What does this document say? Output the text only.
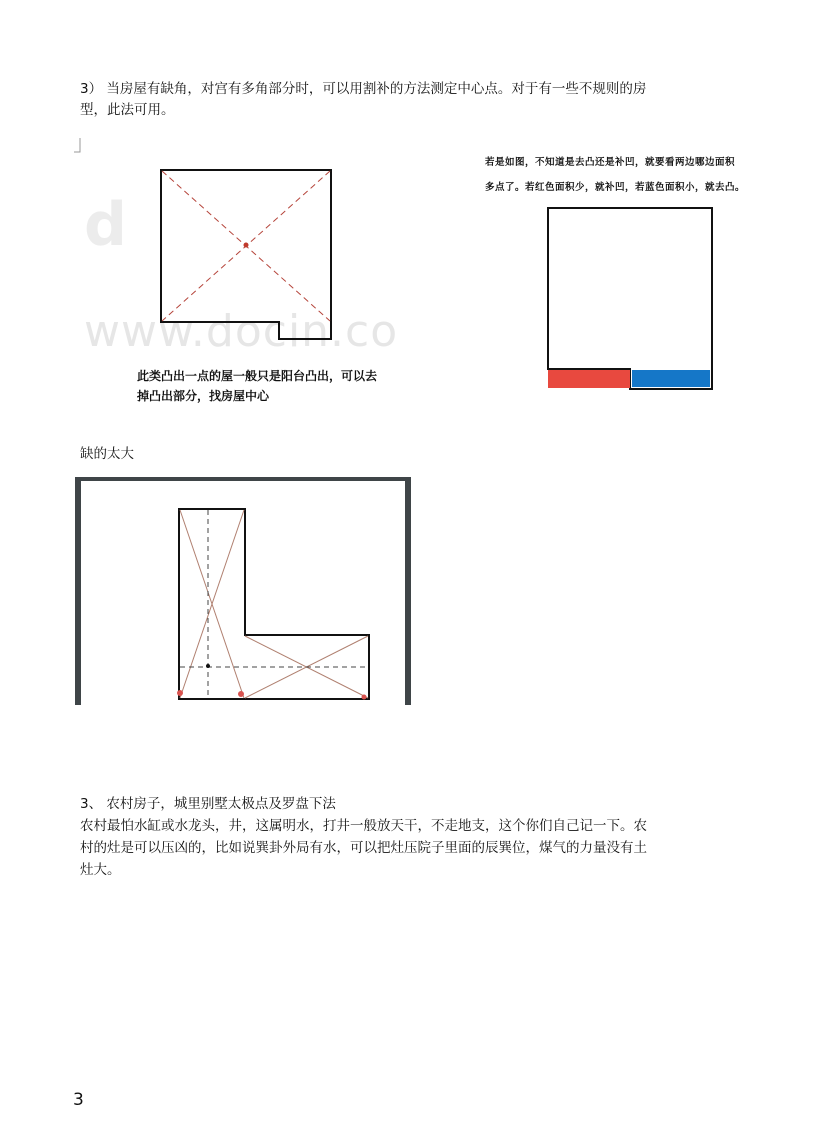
d
www.docin.co
3） 当房屋有缺角，对宫有多角部分时，可以用割补的方法测定中心点。对于有一些不规则的房
型，此法可用。
此类凸出一点的屋一般只是阳台凸出，可以去
掉凸出部分，找房屋中心
若是如图，不知道是去凸还是补凹，就要看两边哪边面积
多点了。若红色面积少，就补凹，若蓝色面积小，就去凸。
缺的太大
3、 农村房子，城里别墅太极点及罗盘下法
农村最怕水缸或水龙头，井，这属明水，打井一般放天干，不走地支，这个你们自己记一下。农
村的灶是可以压凶的，比如说巽卦外局有水，可以把灶压院子里面的辰巽位，煤气的力量没有土
灶大。
3
